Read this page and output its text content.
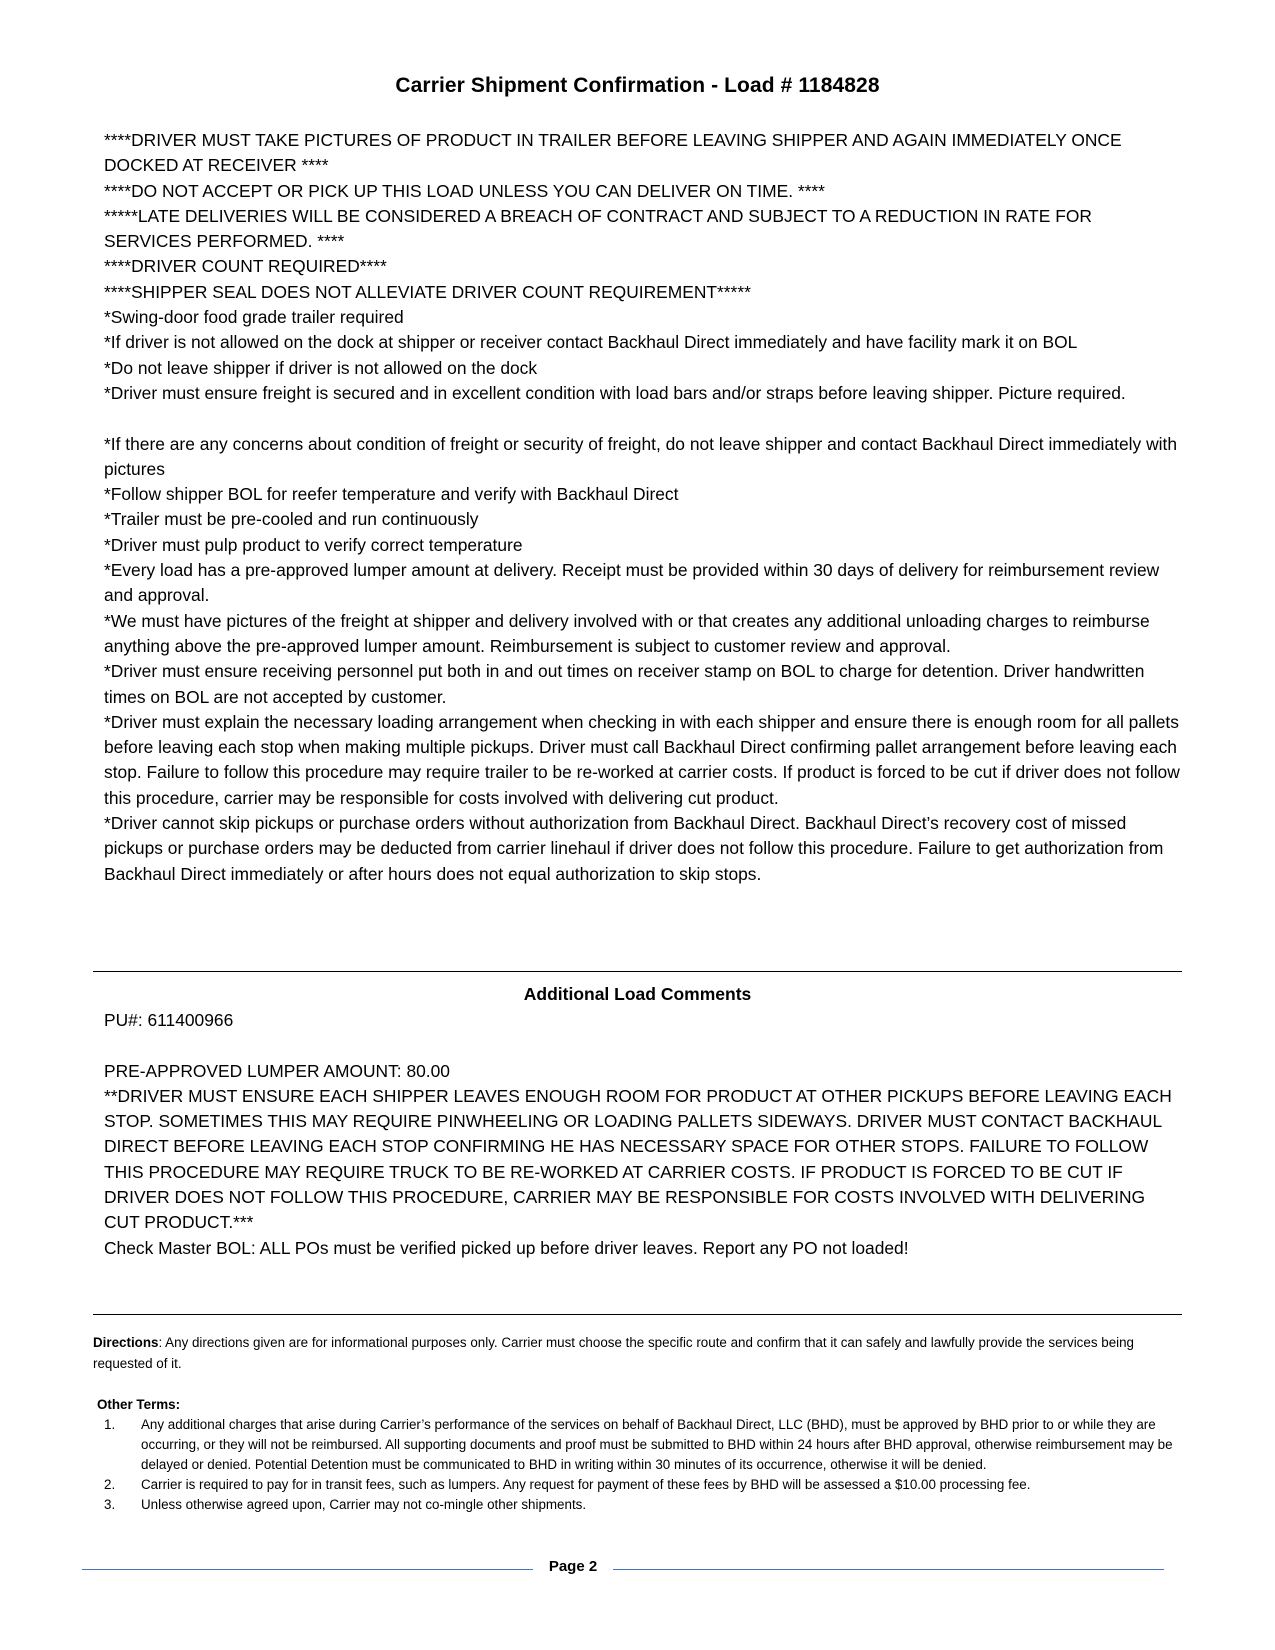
Carrier Shipment Confirmation - Load # 1184828
****DRIVER MUST TAKE PICTURES OF PRODUCT IN TRAILER BEFORE LEAVING SHIPPER AND AGAIN IMMEDIATELY ONCE DOCKED AT RECEIVER ****
****DO NOT ACCEPT OR PICK UP THIS LOAD UNLESS YOU CAN DELIVER ON TIME. ****
*****LATE DELIVERIES WILL BE CONSIDERED A BREACH OF CONTRACT AND SUBJECT TO A REDUCTION IN RATE FOR SERVICES PERFORMED. ****
****DRIVER COUNT REQUIRED****
****SHIPPER SEAL DOES NOT ALLEVIATE DRIVER COUNT REQUIREMENT*****
*Swing-door food grade trailer required
*If driver is not allowed on the dock at shipper or receiver contact Backhaul Direct immediately and have facility mark it on BOL
*Do not leave shipper if driver is not allowed on the dock
*Driver must ensure freight is secured and in excellent condition with load bars and/or straps before leaving shipper. Picture required.
*If there are any concerns about condition of freight or security of freight, do not leave shipper and contact Backhaul Direct immediately with pictures
*Follow shipper BOL for reefer temperature and verify with Backhaul Direct
*Trailer must be pre-cooled and run continuously
*Driver must pulp product to verify correct temperature
*Every load has a pre-approved lumper amount at delivery. Receipt must be provided within 30 days of delivery for reimbursement review and approval.
*We must have pictures of the freight at shipper and delivery involved with or that creates any additional unloading charges to reimburse anything above the pre-approved lumper amount. Reimbursement is subject to customer review and approval.
*Driver must ensure receiving personnel put both in and out times on receiver stamp on BOL to charge for detention. Driver handwritten times on BOL are not accepted by customer.
*Driver must explain the necessary loading arrangement when checking in with each shipper and ensure there is enough room for all pallets before leaving each stop when making multiple pickups. Driver must call Backhaul Direct confirming pallet arrangement before leaving each stop. Failure to follow this procedure may require trailer to be re-worked at carrier costs. If product is forced to be cut if driver does not follow this procedure, carrier may be responsible for costs involved with delivering cut product.
*Driver cannot skip pickups or purchase orders without authorization from Backhaul Direct. Backhaul Direct’s recovery cost of missed pickups or purchase orders may be deducted from carrier linehaul if driver does not follow this procedure. Failure to get authorization from Backhaul Direct immediately or after hours does not equal authorization to skip stops.
Additional Load Comments
PU#: 611400966
PRE-APPROVED LUMPER AMOUNT: 80.00
**DRIVER MUST ENSURE EACH SHIPPER LEAVES ENOUGH ROOM FOR PRODUCT AT OTHER PICKUPS BEFORE LEAVING EACH STOP. SOMETIMES THIS MAY REQUIRE PINWHEELING OR LOADING PALLETS SIDEWAYS. DRIVER MUST CONTACT BACKHAUL DIRECT BEFORE LEAVING EACH STOP CONFIRMING HE HAS NECESSARY SPACE FOR OTHER STOPS. FAILURE TO FOLLOW THIS PROCEDURE MAY REQUIRE TRUCK TO BE RE-WORKED AT CARRIER COSTS. IF PRODUCT IS FORCED TO BE CUT IF DRIVER DOES NOT FOLLOW THIS PROCEDURE, CARRIER MAY BE RESPONSIBLE FOR COSTS INVOLVED WITH DELIVERING CUT PRODUCT.***
Check Master BOL: ALL POs must be verified picked up before driver leaves. Report any PO not loaded!
Directions: Any directions given are for informational purposes only. Carrier must choose the specific route and confirm that it can safely and lawfully provide the services being requested of it.
Other Terms:
1. Any additional charges that arise during Carrier’s performance of the services on behalf of Backhaul Direct, LLC (BHD), must be approved by BHD prior to or while they are occurring, or they will not be reimbursed. All supporting documents and proof must be submitted to BHD within 24 hours after BHD approval, otherwise reimbursement may be delayed or denied. Potential Detention must be communicated to BHD in writing within 30 minutes of its occurrence, otherwise it will be denied.
2. Carrier is required to pay for in transit fees, such as lumpers. Any request for payment of these fees by BHD will be assessed a $10.00 processing fee.
3. Unless otherwise agreed upon, Carrier may not co-mingle other shipments.
Page 2
